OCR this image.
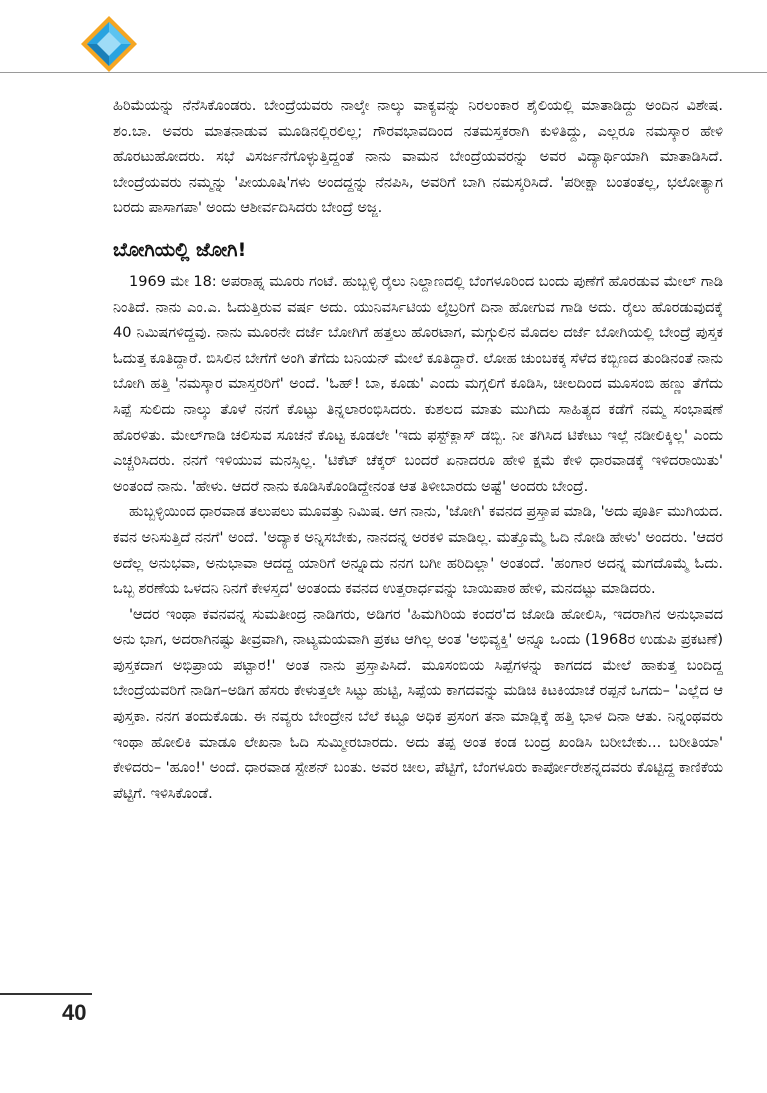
ಹಿರಿಮೆಯನ್ನು ನೆನೆಸಿಕೊಂಡರು. ಬೇಂದ್ರೆಯವರು ನಾಲ್ಕೇ ನಾಲ್ಕು ವಾಕ್ಯವನ್ನು ನಿರಲಂಕಾರ ಶೈಲಿಯಲ್ಲಿ ಮಾತಾಡಿದ್ದು ಅಂದಿನ ವಿಶೇಷ. ಶಂ.ಬಾ. ಅವರು ಮಾತನಾಡುವ ಮೂಡಿನಲ್ಲಿರಲಿಲ್ಲ; ಗೌರವಭಾವದಿಂದ ನತಮಸ್ತಕರಾಗಿ ಕುಳಿತಿದ್ದು, ಎಲ್ಲರೂ ನಮಸ್ಕಾರ ಹೇಳಿ ಹೊರಟುಹೋದರು. ಸಭೆ ವಿಸರ್ಜನೆಗೊಳ್ಳುತ್ತಿದ್ದಂತೆ ನಾನು ವಾಮನ ಬೇಂದ್ರೆಯವರನ್ನು ಅವರ ವಿದ್ಯಾರ್ಥಿಯಾಗಿ ಮಾತಾಡಿಸಿದೆ. ಬೇಂದ್ರೆಯವರು ನಮ್ಮನ್ನು 'ಪೀಯೂಷಿ'ಗಳು ಅಂದದ್ದನ್ನು ನೆನಪಿಸಿ, ಅವರಿಗೆ ಬಾಗಿ ನಮಸ್ಕರಿಸಿದೆ. 'ಪರೀಕ್ಷಾ ಬಂತಂತಲ್ಲ, ಭಲೋತ್ಯಾಗ ಬರದು ಪಾಸಾಗಪಾ' ಅಂದು ಆಶೀರ್ವದಿಸಿದರು ಬೇಂದ್ರೆ ಅಜ್ಜ.

ಬೋಗಿಯಲ್ಲಿ ಜೋಗಿ!

1969 ಮೇ 18: ಅಪರಾಹ್ನ ಮೂರು ಗಂಟೆ. ಹುಬ್ಬಳ್ಳಿ ರೈಲು ನಿಲ್ದಾಣದಲ್ಲಿ ಬೆಂಗಳೂರಿಂದ ಬಂದು ಪುಣೆಗೆ ಹೊರಡುವ ಮೇಲ್ ಗಾಡಿ ನಿಂತಿದೆ. ನಾನು ಎಂ.ಎ. ಓದುತ್ತಿರುವ ವರ್ಷ ಅದು. ಯುನಿವರ್ಸಿಟಿಯ ಲೈಬ್ರರಿಗೆ ದಿನಾ ಹೋಗುವ ಗಾಡಿ ಅದು. ರೈಲು ಹೊರಡುವುದಕ್ಕೆ 40 ನಿಮಿಷಗಳಿದ್ದವು. ನಾನು ಮೂರನೇ ದರ್ಜೆ ಬೋಗಿಗೆ ಹತ್ತಲು ಹೊರಟಾಗ, ಮಗ್ಗುಲಿನ ಮೊದಲ ದರ್ಜೆ ಬೋಗಿಯಲ್ಲಿ ಬೇಂದ್ರೆ ಪುಸ್ತಕ ಓದುತ್ತ ಕೂತಿದ್ದಾರೆ. ಬಿಸಿಲಿನ ಬೇಗೆಗೆ ಅಂಗಿ ತೆಗೆದು ಬನಿಯನ್ ಮೇಲೆ ಕೂತಿದ್ದಾರೆ. ಲೋಹ ಚುಂಬಕಕ್ಕ ಸೆಳೆದ ಕಬ್ಬಿಣದ ತುಂಡಿನಂತೆ ನಾನು ಬೋಗಿ ಹತ್ತಿ 'ನಮಸ್ಕಾರ ಮಾಸ್ತರರಿಗೆ' ಅಂದೆ. 'ಓಹ್! ಬಾ, ಕೂಡು' ಎಂದು ಮಗ್ಗಲಿಗೆ ಕೂಡಿಸಿ, ಚೀಲದಿಂದ ಮೂಸಂಬಿ ಹಣ್ಣು ತೆಗೆದು ಸಿಪ್ಪೆ ಸುಲಿದು ನಾಲ್ಕು ತೊಳೆ ನನಗೆ ಕೊಟ್ಟು ತಿನ್ನಲಾರಂಭಿಸಿದರು. ಕುಶಲದ ಮಾತು ಮುಗಿದು ಸಾಹಿತ್ಯದ ಕಡೆಗೆ ನಮ್ಮ ಸಂಭಾಷಣೆ ಹೊರಳಿತು. ಮೇಲ್‌ಗಾಡಿ ಚಲಿಸುವ ಸೂಚನೆ ಕೊಟ್ಟ ಕೂಡಲೇ 'ಇದು ಫಸ್ಟ್‌ಕ್ಲಾಸ್ ಡಬ್ಬಿ. ನೀ ತಗಿಸಿದ ಟಿಕೇಟು ಇಲ್ಲೆ ನಡೀಲಿಕ್ಕಿಲ್ಲ' ಎಂದು ಎಚ್ಚರಿಸಿದರು. ನನಗೆ ಇಳಿಯುವ ಮನಸ್ಸಿಲ್ಲ. 'ಟಿಕೆಟ್ ಚೆಕ್ಕರ್ ಬಂದರೆ ಏನಾದರೂ ಹೇಳಿ ಕ್ಷಮೆ ಕೇಳಿ ಧಾರವಾಡಕ್ಕೆ ಇಳಿದರಾಯಿತು' ಅಂತಂದೆ ನಾನು. 'ಹೇಳು. ಆದರೆ ನಾನು ಕೂಡಿಸಿಕೊಂಡಿದ್ದೇನಂತ ಆತ ತಿಳೀಬಾರದು ಅಷ್ಟೆ' ಅಂದರು ಬೇಂದ್ರೆ.

ಹುಬ್ಬಳ್ಳಿಯಿಂದ ಧಾರವಾಡ ತಲುಪಲು ಮೂವತ್ತು ನಿಮಿಷ. ಆಗ ನಾನು, 'ಜೋಗಿ' ಕವನದ ಪ್ರಸ್ತಾಪ ಮಾಡಿ, 'ಅದು ಪೂರ್ತಿ ಮುಗಿಯದ. ಕವನ ಅನಿಸುತ್ತಿದೆ ನನಗೆ' ಅಂದೆ. 'ಅದ್ಯಾಕ ಅನ್ನಿಸಬೇಕು, ನಾನದನ್ನ ಅರಕಳಿ ಮಾಡಿಲ್ಲ. ಮತ್ತೊಮ್ಮೆ ಓದಿ ನೋಡಿ ಹೇಳು' ಅಂದರು. 'ಆದರ ಅದೆಲ್ಲ ಅನುಭವಾ, ಅನುಭಾವಾ ಆದದ್ದ ಯಾರಿಗೆ ಅನ್ನೂದು ನನಗ ಬಗೀ ಹರಿದಿಲ್ಲಾ' ಅಂತಂದೆ. 'ಹಂಗಾರ ಅದನ್ನ ಮಗದೊಮ್ಮೆ ಓದು. ಒಬ್ಬ ಶರಣೆಯ ಒಳದನಿ ನಿನಗೆ ಕೇಳಸ್ತದ' ಅಂತಂದು ಕವನದ ಉತ್ತರಾರ್ಧವನ್ನು ಬಾಯಿಪಾಠ ಹೇಳಿ, ಮನದಟ್ಟು ಮಾಡಿದರು.

'ಆದರ ಇಂಥಾ ಕವನವನ್ನ ಸುಮತೀಂದ್ರ ನಾಡಿಗರು, ಅಡಿಗರ 'ಹಿಮಗಿರಿಯ ಕಂದರ'ದ ಜೋಡಿ ಹೋಲಿಸಿ, ಇದರಾಗಿನ ಅನುಭಾವದ ಅನು ಭಾಗ, ಅದರಾಗಿನಷ್ಟು ತೀವ್ರವಾಗಿ, ನಾಟ್ಯಮಯವಾಗಿ ಪ್ರಕಟ ಆಗಿಲ್ಲ ಅಂತ 'ಅಭಿವ್ಯಕ್ತಿ' ಅನ್ನೂ ಒಂದು (1968ರ ಉಡುಪಿ ಪ್ರಕಟಣೆ) ಪುಸ್ತಕದಾಗ ಅಭಿಪ್ರಾಯ ಪಟ್ಟಾರ!' ಅಂತ ನಾನು ಪ್ರಸ್ತಾಪಿಸಿದೆ. ಮೂಸಂಬಿಯ ಸಿಪ್ಪೆಗಳನ್ನು ಕಾಗದದ ಮೇಲೆ ಹಾಕುತ್ತ ಬಂದಿದ್ದ ಬೇಂದ್ರೆಯವರಿಗೆ ನಾಡಿಗ–ಅಡಿಗ ಹೆಸರು ಕೇಳುತ್ತಲೇ ಸಿಟ್ಟು ಹುಟ್ಟಿ, ಸಿಪ್ಪೆಯ ಕಾಗದವನ್ನು ಮಡಿಚಿ ಕಿಟಕಿಯಾಚೆ ರಪ್ಪನೆ ಒಗದು– 'ಎಲ್ಲೆದ ಆ ಪುಸ್ತಕಾ. ನನಗ ತಂದುಕೊಡು. ಈ ನವ್ಯರು ಬೇಂದ್ರೇನ ಬೆಲೆ ಕಟ್ಟೂ ಅಧಿಕ ಪ್ರಸಂಗ ತನಾ ಮಾಡ್ಲಿಕ್ಕೆ ಹತ್ತಿ ಭಾಳ ದಿನಾ ಆತು. ನಿನ್ನಂಥವರು ಇಂಥಾ ಹೋಲಿಕಿ ಮಾಡೂ ಲೇಖನಾ ಓದಿ ಸುಮ್ಮೀರಬಾರದು. ಅದು ತಪ್ಪ ಅಂತ ಕಂಡ ಬಂದ್ರ ಖಂಡಿಸಿ ಬರೀಬೇಕು... ಬರೀತಿಯಾ' ಕೇಳಿದರು– 'ಹೂಂ!' ಅಂದೆ. ಧಾರವಾಡ ಸ್ಟೇಶನ್ ಬಂತು. ಅವರ ಚೀಲ, ಪೆಟ್ಟಿಗೆ, ಬೆಂಗಳೂರು ಕಾರ್ಪೋರೇಶನ್ನದವರು ಕೊಟ್ಟಿದ್ದ ಕಾಣಿಕೆಯ ಪೆಟ್ಟಿಗೆ. ಇಳಿಸಿಕೊಂಡೆ.

40
